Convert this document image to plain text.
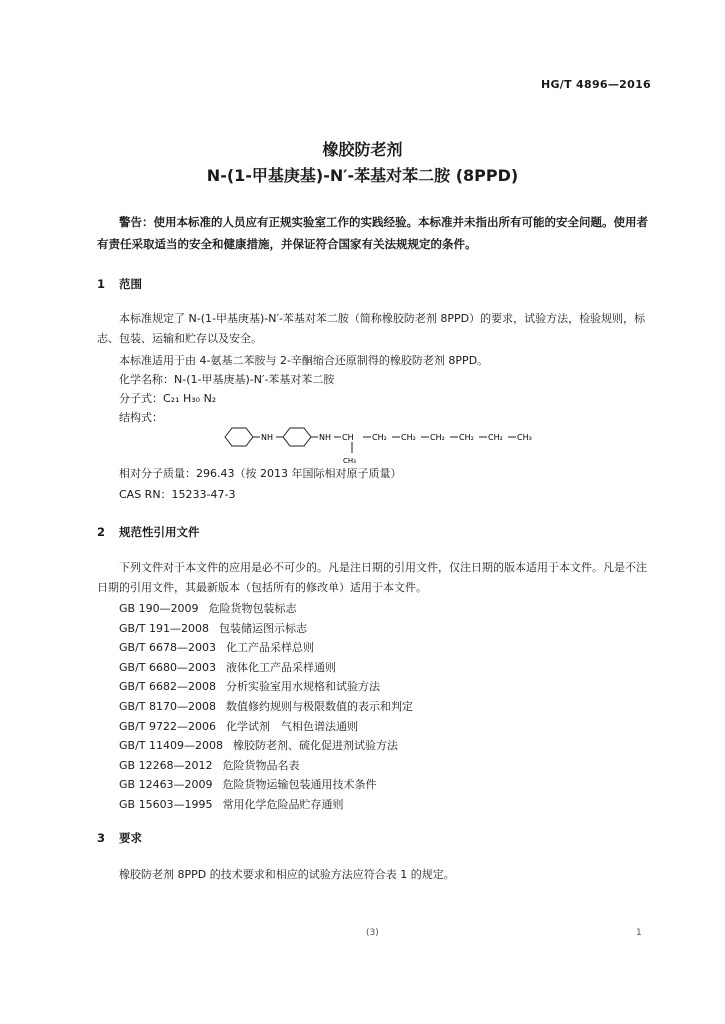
HG/T 4896—2016
橡胶防老剂
N-(1-甲基庚基)-N′-苯基对苯二胺 (8PPD)
警告：使用本标准的人员应有正规实验室工作的实践经验。本标准并未指出所有可能的安全问题。使用者有责任采取适当的安全和健康措施，并保证符合国家有关法规规定的条件。
1 范围
本标准规定了 N-(1-甲基庚基)-N′-苯基对苯二胺（简称橡胶防老剂 8PPD）的要求，试验方法，检验规则，标志、包装、运输和贮存以及安全。
本标准适用于由 4-氨基二苯胺与 2-辛酮缩合还原制得的橡胶防老剂 8PPD。
化学名称：N-(1-甲基庚基)-N′-苯基对苯二胺
分子式：C₂₁ H₃₀ N₂
结构式：
NH	NH CH
CH₃
CH₂ CH₂ CH₂ CH₂ CH₂ CH₃
相对分子质量：296.43（按 2013 年国际相对原子质量）
CAS RN：15233-47-3
2 规范性引用文件
下列文件对于本文件的应用是必不可少的。凡是注日期的引用文件，仅注日期的版本适用于本文件。凡是不注日期的引用文件，其最新版本（包括所有的修改单）适用于本文件。
GB 190—2009 危险货物包装标志
GB/T 191—2008 包装储运图示标志
GB/T 6678—2003 化工产品采样总则
GB/T 6680—2003 液体化工产品采样通则
GB/T 6682—2008 分析实验室用水规格和试验方法
GB/T 8170—2008 数值修约规则与极限数值的表示和判定
GB/T 9722—2006 化学试剂　气相色谱法通则
GB/T 11409—2008 橡胶防老剂、硫化促进剂试验方法
GB 12268—2012 危险货物品名表
GB 12463—2009 危险货物运输包装通用技术条件
GB 15603—1995 常用化学危险品贮存通则
3 要求
橡胶防老剂 8PPD 的技术要求和相应的试验方法应符合表 1 的规定。
(3)	1
